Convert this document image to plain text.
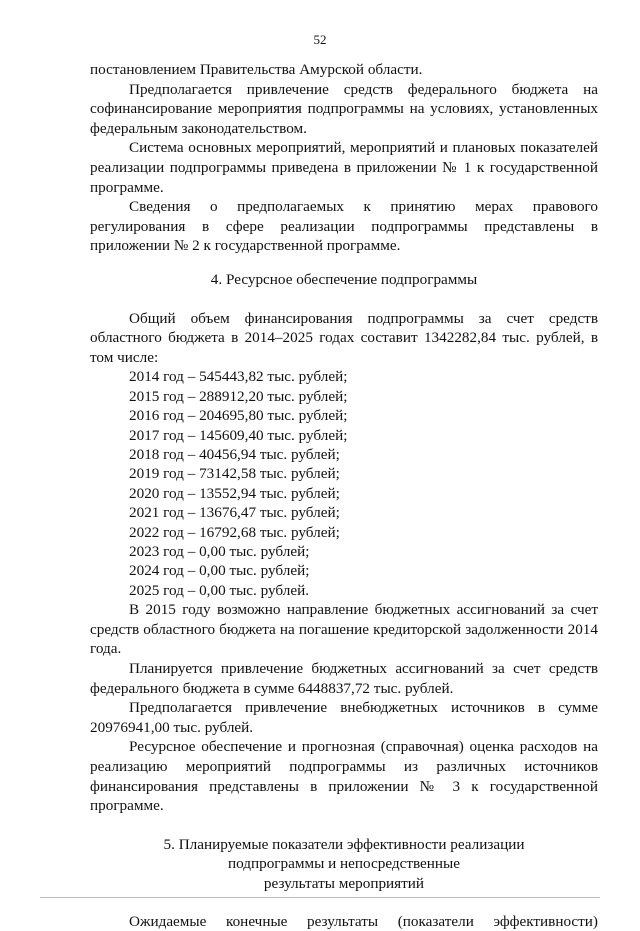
52

постановлением Правительства Амурской области.

Предполагается привлечение средств федерального бюджета на софинансирование мероприятия подпрограммы на условиях, установленных федеральным законодательством.

Система основных мероприятий, мероприятий и плановых показателей реализации подпрограммы приведена в приложении № 1 к государственной программе.

Сведения о предполагаемых к принятию мерах правового регулирования в сфере реализации подпрограммы представлены в приложении № 2 к государственной программе.

4. Ресурсное обеспечение подпрограммы

Общий объем финансирования подпрограммы за счет средств областного бюджета в 2014–2025 годах составит 1342282,84 тыс. рублей, в том числе:

2014 год – 545443,82 тыс. рублей;
2015 год – 288912,20 тыс. рублей;
2016 год – 204695,80 тыс. рублей;
2017 год – 145609,40 тыс. рублей;
2018 год – 40456,94 тыс. рублей;
2019 год – 73142,58 тыс. рублей;
2020 год – 13552,94 тыс. рублей;
2021 год – 13676,47 тыс. рублей;
2022 год – 16792,68 тыс. рублей;
2023 год – 0,00 тыс. рублей;
2024 год – 0,00 тыс. рублей;
2025 год – 0,00 тыс. рублей.

В 2015 году возможно направление бюджетных ассигнований за счет средств областного бюджета на погашение кредиторской задолженности 2014 года.

Планируется привлечение бюджетных ассигнований за счет средств федерального бюджета в сумме 6448837,72 тыс. рублей.

Предполагается привлечение внебюджетных источников в сумме 20976941,00 тыс. рублей.

Ресурсное обеспечение и прогнозная (справочная) оценка расходов на реализацию мероприятий подпрограммы из различных источников финансирования представлены в приложении № 3 к государственной программе.

5. Планируемые показатели эффективности реализации
подпрограммы и непосредственные
результаты мероприятий
Ожидаемые конечные результаты (показатели эффективности)
